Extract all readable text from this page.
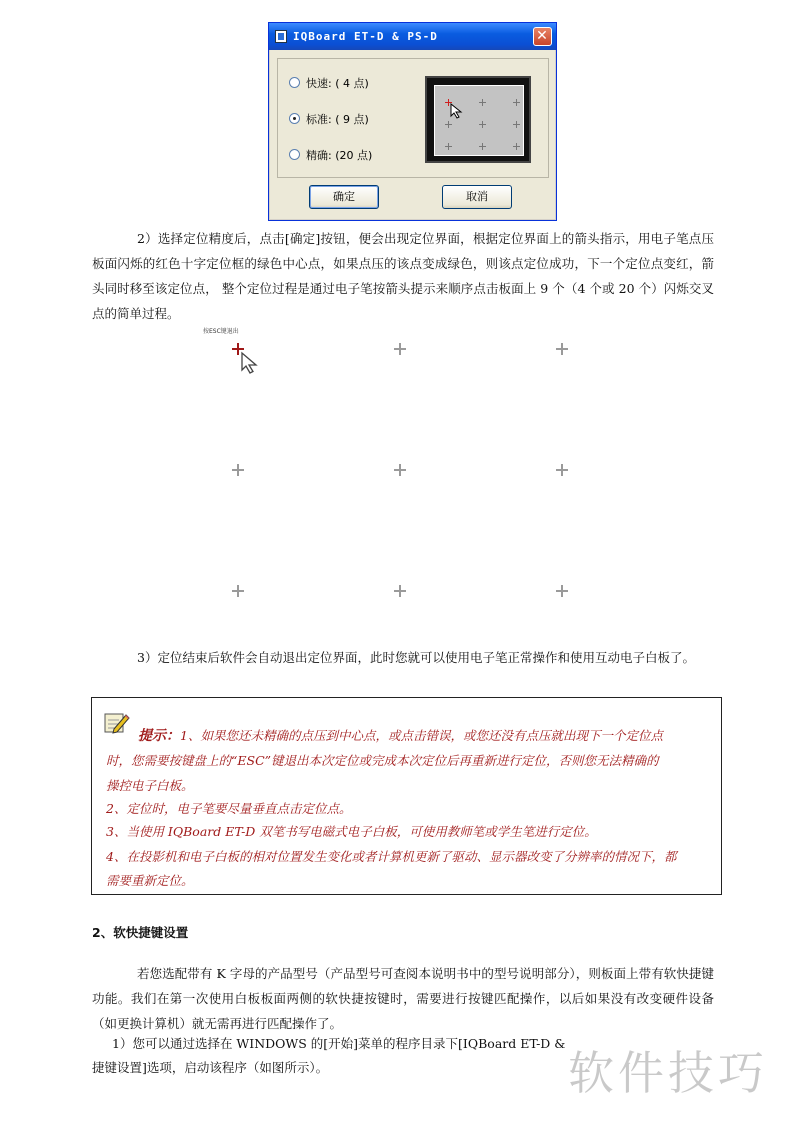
IQBoard ET-D & PS-D	✕
快速: ( 4 点)
标准: ( 9 点)
精确: (20 点)
确定	取消
2）选择定位精度后，点击[确定]按钮，便会出现定位界面，根据定位界面上的箭头指示，用电子笔点压板面闪烁的红色十字定位框的绿色中心点，如果点压的该点变成绿色，则该点定位成功，下一个定位点变红，箭头同时移至该定位点， 整个定位过程是通过电子笔按箭头提示来顺序点击板面上 9 个（4 个或 20 个）闪烁交叉点的简单过程。
按ESC键退出
3）定位结束后软件会自动退出定位界面，此时您就可以使用电子笔正常操作和使用互动电子白板了。
提示：1、如果您还未精确的点压到中心点，或点击错误，或您还没有点压就出现下一个定位点
时，您需要按键盘上的“ESC”键退出本次定位或完成本次定位后再重新进行定位，否则您无法精确的
操控电子白板。
2、定位时，电子笔要尽量垂直点击定位点。
3、当使用 IQBoard ET-D 双笔书写电磁式电子白板，可使用教师笔或学生笔进行定位。
4、在投影机和电子白板的相对位置发生变化或者计算机更新了驱动、显示器改变了分辨率的情况下，都
需要重新定位。
2、软快捷键设置
若您选配带有 K 字母的产品型号（产品型号可查阅本说明书中的型号说明部分），则板面上带有软快捷键功能。我们在第一次使用白板板面两侧的软快捷按键时，需要进行按键匹配操作，以后如果没有改变硬件设备（如更换计算机）就无需再进行匹配操作了。
1）您可以通过选择在 WINDOWS 的[开始]菜单的程序目录下[IQBoard ET-D &
捷键设置]选项，启动该程序（如图所示）。	软件技巧
